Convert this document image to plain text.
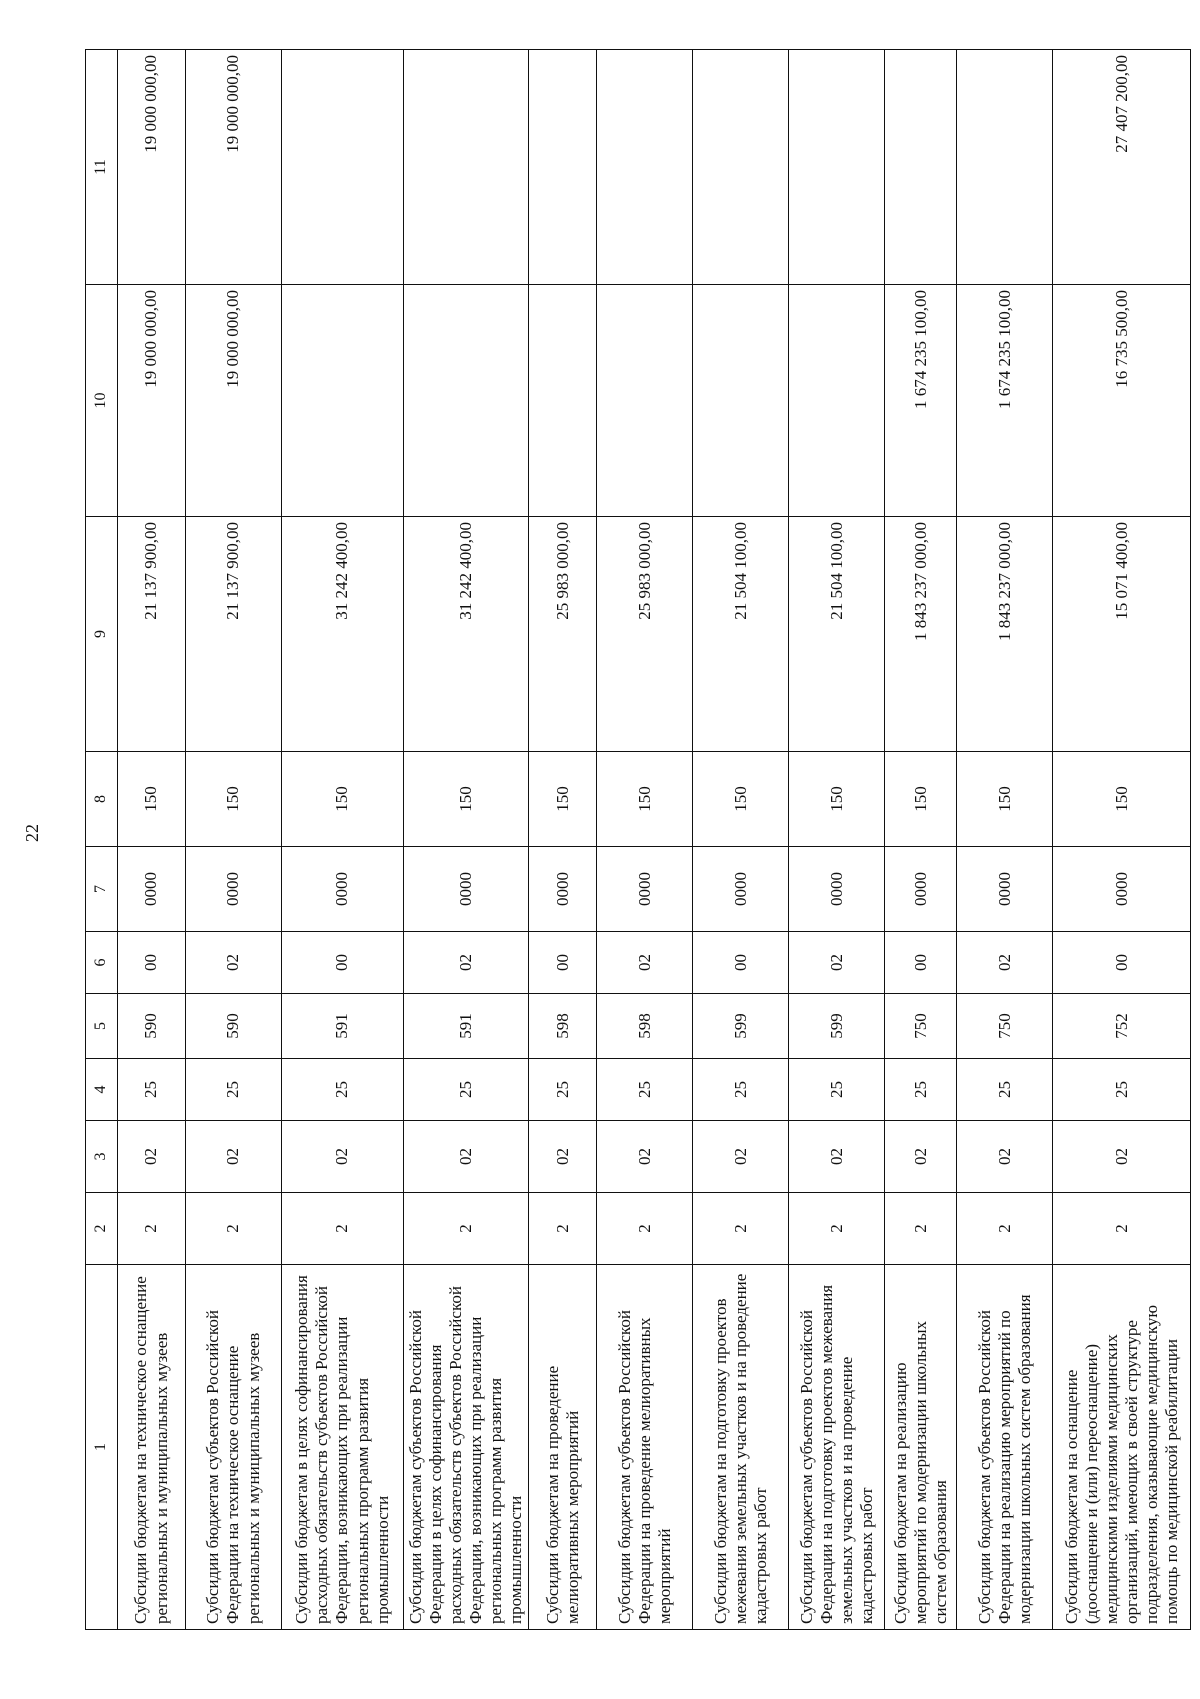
22
1	2	3	4	5	6	7	8	9	10	11
Субсидии бюджетам на техническое оснащение региональных и муниципальных музеев	2	02	25	590	00	0000	150	21 137 900,00	19 000 000,00	19 000 000,00
Субсидии бюджетам субъектов Российской Федерации на техническое оснащение региональных и муниципальных музеев	2	02	25	590	02	0000	150	21 137 900,00	19 000 000,00	19 000 000,00
Субсидии бюджетам в целях софинансирования расходных обязательств субъектов Российской Федерации, возникающих при реализации региональных программ развития промышленности	2	02	25	591	00	0000	150	31 242 400,00		
Субсидии бюджетам субъектов Российской Федерации в целях софинансирования расходных обязательств субъектов Российской Федерации, возникающих при реализации региональных программ развития промышленности	2	02	25	591	02	0000	150	31 242 400,00		
Субсидии бюджетам на проведение мелиоративных мероприятий	2	02	25	598	00	0000	150	25 983 000,00		
Субсидии бюджетам субъектов Российской Федерации на проведение мелиоративных мероприятий	2	02	25	598	02	0000	150	25 983 000,00		
Субсидии бюджетам на подготовку проектов межевания земельных участков и на проведение кадастровых работ	2	02	25	599	00	0000	150	21 504 100,00		
Субсидии бюджетам субъектов Российской Федерации на подготовку проектов межевания земельных участков и на проведение кадастровых работ	2	02	25	599	02	0000	150	21 504 100,00		
Субсидии бюджетам на реализацию мероприятий по модернизации школьных систем образования	2	02	25	750	00	0000	150	1 843 237 000,00	1 674 235 100,00	
Субсидии бюджетам субъектов Российской Федерации на реализацию мероприятий по модернизации школьных систем образования	2	02	25	750	02	0000	150	1 843 237 000,00	1 674 235 100,00	
Субсидии бюджетам на оснащение (дооснащение и (или) переоснащение) медицинскими изделиями медицинских организаций, имеющих в своей структуре подразделения, оказывающие медицинскую помощь по медицинской реабилитации	2	02	25	752	00	0000	150	15 071 400,00	16 735 500,00	27 407 200,00
